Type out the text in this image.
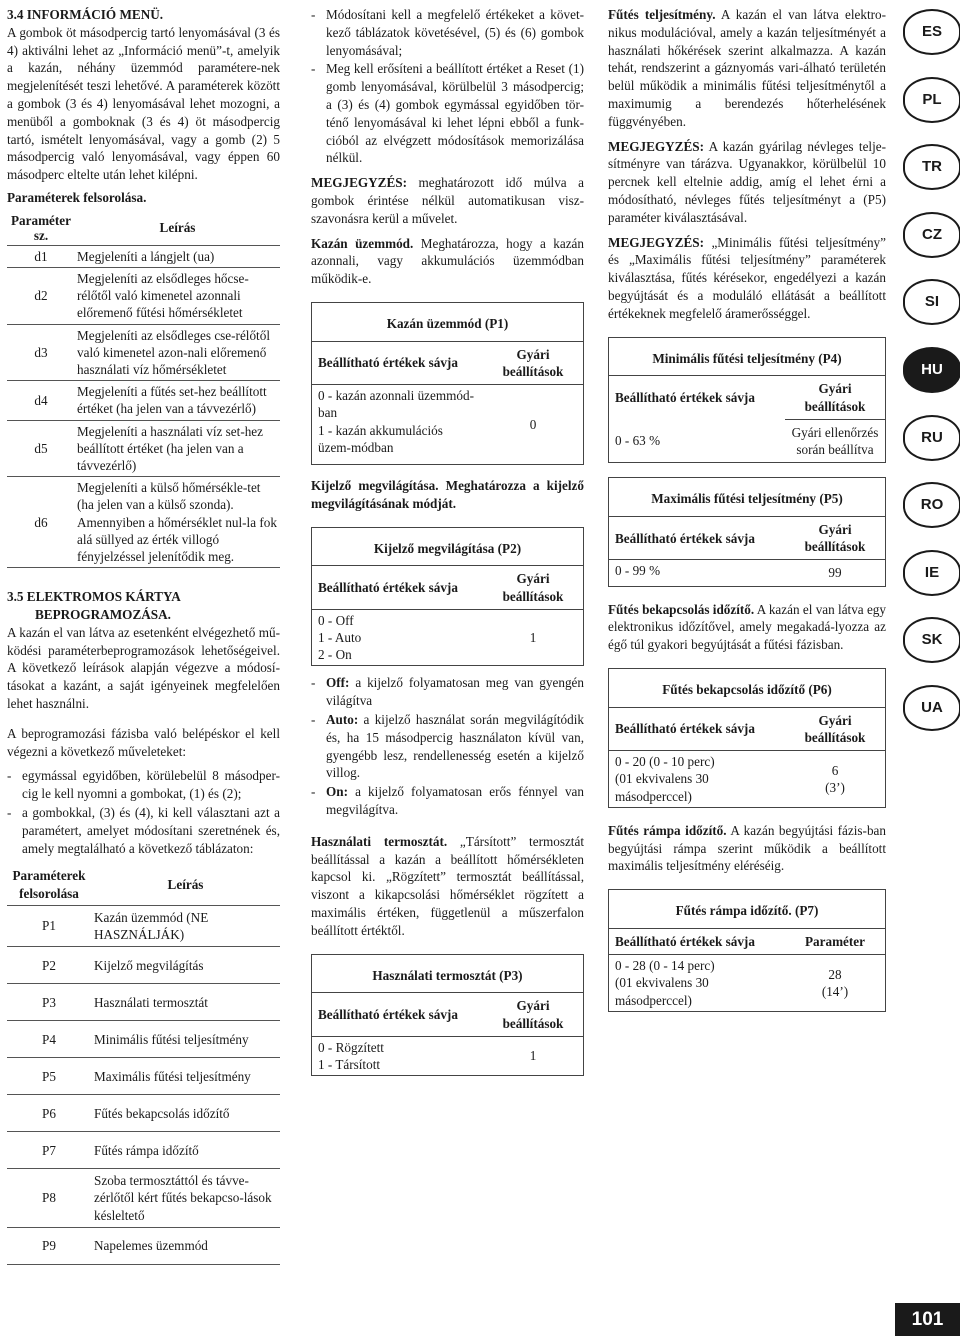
3.4 INFORMÁCIÓ MENÜ.

A gombok öt másodpercig tartó lenyomásával (3 és 4) aktiválni lehet az „Információ menü”-t, amelyik a kazán, néhány üzemmód paramétere-nek megjelenítését teszi lehetővé. A paraméterek között a gombok (3 és 4) lenyomásával lehet mozogni, a menüből a gomboknak (3 és 4) öt másodpercig tartó, ismételt lenyomásával, vagy a gomb (2) 5 másodpercig való lenyomásával, vagy éppen 60 másodperc eltelte után lehet kilépni.

Paraméterek felsorolása.

Paraméter sz.	Leírás
d1	Megjeleníti a lángjelt (ua)
d2	Megjeleníti az elsődleges hőcse-rélőtől való kimenetel azonnali előremenő fűtési hőmérsékletet
d3	Megjeleníti az elsődleges cse-rélőtől való kimenetel azon-nali előremenő használati víz hőmérsékletet
d4	Megjeleníti a fűtés set-hez beállított értéket (ha jelen van a távvezérlő)
d5	Megjeleníti a használati víz set-hez beállított értéket (ha jelen van a távvezérlő)
d6	Megjeleníti a külső hőmérsékle-tet (ha jelen van a külső szonda). Amennyiben a hőmérséklet nul-la fok alá süllyed az érték villogó fényjelzéssel jelenítődik meg.

3.5 ELEKTROMOS KÁRTYA

BEPROGRAMOZÁSA.

A kazán el van látva az esetenként elvégezhető mű-ködési paraméterbeprogramozások lehetőségeivel. A következő leírások alapján végezve a módosí-tásokat a kazánt, a saját igényeinek megfelelően lehet használni.

A beprogramozási fázisba való belépéskor el kell végezni a következő műveleteket:

- egymással egyidőben, körülebelül 8 másodper-cig le kell nyomni a gombokat, (1) és (2);
- a gombokkal, (3) és (4), ki kell választani azt a paramétert, amelyet módosítani szeretnének és, amely megtalálható a következő táblázaton:
Paraméterek felsorolása	Leírás
P1	Kazán üzemmód (NE HASZNÁLJÁK)
P2	Kijelző megvilágítás
P3	Használati termosztát
P4	Minimális fűtési teljesítmény
P5	Maximális fűtési teljesítmény
P6	Fűtés bekapcsolás időzítő
P7	Fűtés rámpa időzítő
P8	Szoba termosztáttól és távve-zérlőtől kért fűtés bekapcso-lások késleltető
P9	Napelemes üzemmód
- Módosítani kell a megfelelő értékeket a követ-kező táblázatok követésével, (5) és (6) gombok lenyomásával;
- Meg kell erősíteni a beállított értéket a Reset (1) gomb lenyomásával, körülbelül 3 másodpercig; a (3) és (4) gombok egymással egyidőben tör-ténő lenyomásával ki lehet lépni ebből a funk-cióból az elvégzett módosítások memorizálása nélkül.

MEGJEGYZÉS: meghatározott idő múlva a gombok érintése nélkül automatikusan visz-szavonásra kerül a művelet.

Kazán üzemmód. Meghatározza, hogy a kazán azonnali, vagy akkumulációs üzemmódban működik-e.

Kazán üzemmód (P1)
Beállítható értékek sávja	Gyári beállítások
0 - kazán azonnali üzemmód-ban
1 - kazán akkumulációs üzem-módban	0

Kijelző megvilágítása. Meghatározza a kijelző megvilágításának módját.

Kijelző megvilágítása (P2)
Beállítható értékek sávja	Gyári beállítások
0 - Off
1 - Auto
2 - On	1
- Off: a kijelző folyamatosan meg van gyengén világítva
- Auto: a kijelző használat során megvilágítódik és, ha 15 másodpercig használaton kívül van, gyengébb lesz, rendellenesség esetén a kijelző villog.
- On: a kijelző folyamatosan erős fénnyel van megvilágítva.

Használati termosztát. „Társított” termosztát beállítással a kazán a beállított hőmérsékleten kapcsol ki. „Rögzített” termosztát beállítással, viszont a kikapcsolási hőmérséklet rögzített a maximális értéken, függetlenül a műszerfalon beállított értéktől.

Használati termosztát (P3)
Beállítható értékek sávja	Gyári beállítások
0 - Rögzített
1 - Társított	1

Fűtés teljesítmény. A kazán el van látva elektro-nikus modulációval, amely a kazán teljesítményét a használati hőkérések szerint alkalmazza. A kazán tehát, rendszerint a gáznyomás vari-álható területén belül működik a minimális fűtési teljesítménytől a maximumig a berendezés hőterhelésének függvényében.

MEGJEGYZÉS: A kazán gyárilag névleges telje-sítményre van tárázva. Ugyanakkor, körülbelül 10 percnek kell eltelnie addig, amíg el lehet érni a módosítható, névleges fűtés teljesítményt a (P5) paraméter kiválasztásával.

MEGJEGYZÉS: „Minimális fűtési teljesítmény” és „Maximális fűtési teljesítmény” paraméterek kiválasztása, fűtés kérésekor, engedélyezi a kazán begyújtását és a moduláló ellátását a beállított értékeknek megfelelő áramerősséggel.

Minimális fűtési teljesítmény (P4)
Beállítható értékek sávja	Gyári beállítások
0 - 63 %	Gyári ellenőrzés során beállítva
Maximális fűtési teljesítmény (P5)
Beállítható értékek sávja	Gyári beállítások
0 - 99 %	99

Fűtés bekapcsolás időzítő. A kazán el van látva egy elektronikus időzítővel, amely megakadá-lyozza az égő túl gyakori begyújtását a fűtési fázisban.

Fűtés bekapcsolás időzítő (P6)
Beállítható értékek sávja	Gyári beállítások
0 - 20 (0 - 10 perc)
(01 ekvivalens 30 másodperccel)	6
(3’)

Fűtés rámpa időzítő. A kazán begyújtási fázis-ban begyújtási rámpa szerint működik a beállított maximális teljesítmény eléréséig.

Fűtés rámpa időzítő. (P7)
Beállítható értékek sávja	Paraméter
0 - 28 (0 - 14 perc)
(01 ekvivalens 30 másodperccel)	28
(14’)
ES
PL
TR
CZ
SI
HU
RU
RO
IE
SK
UA
101
